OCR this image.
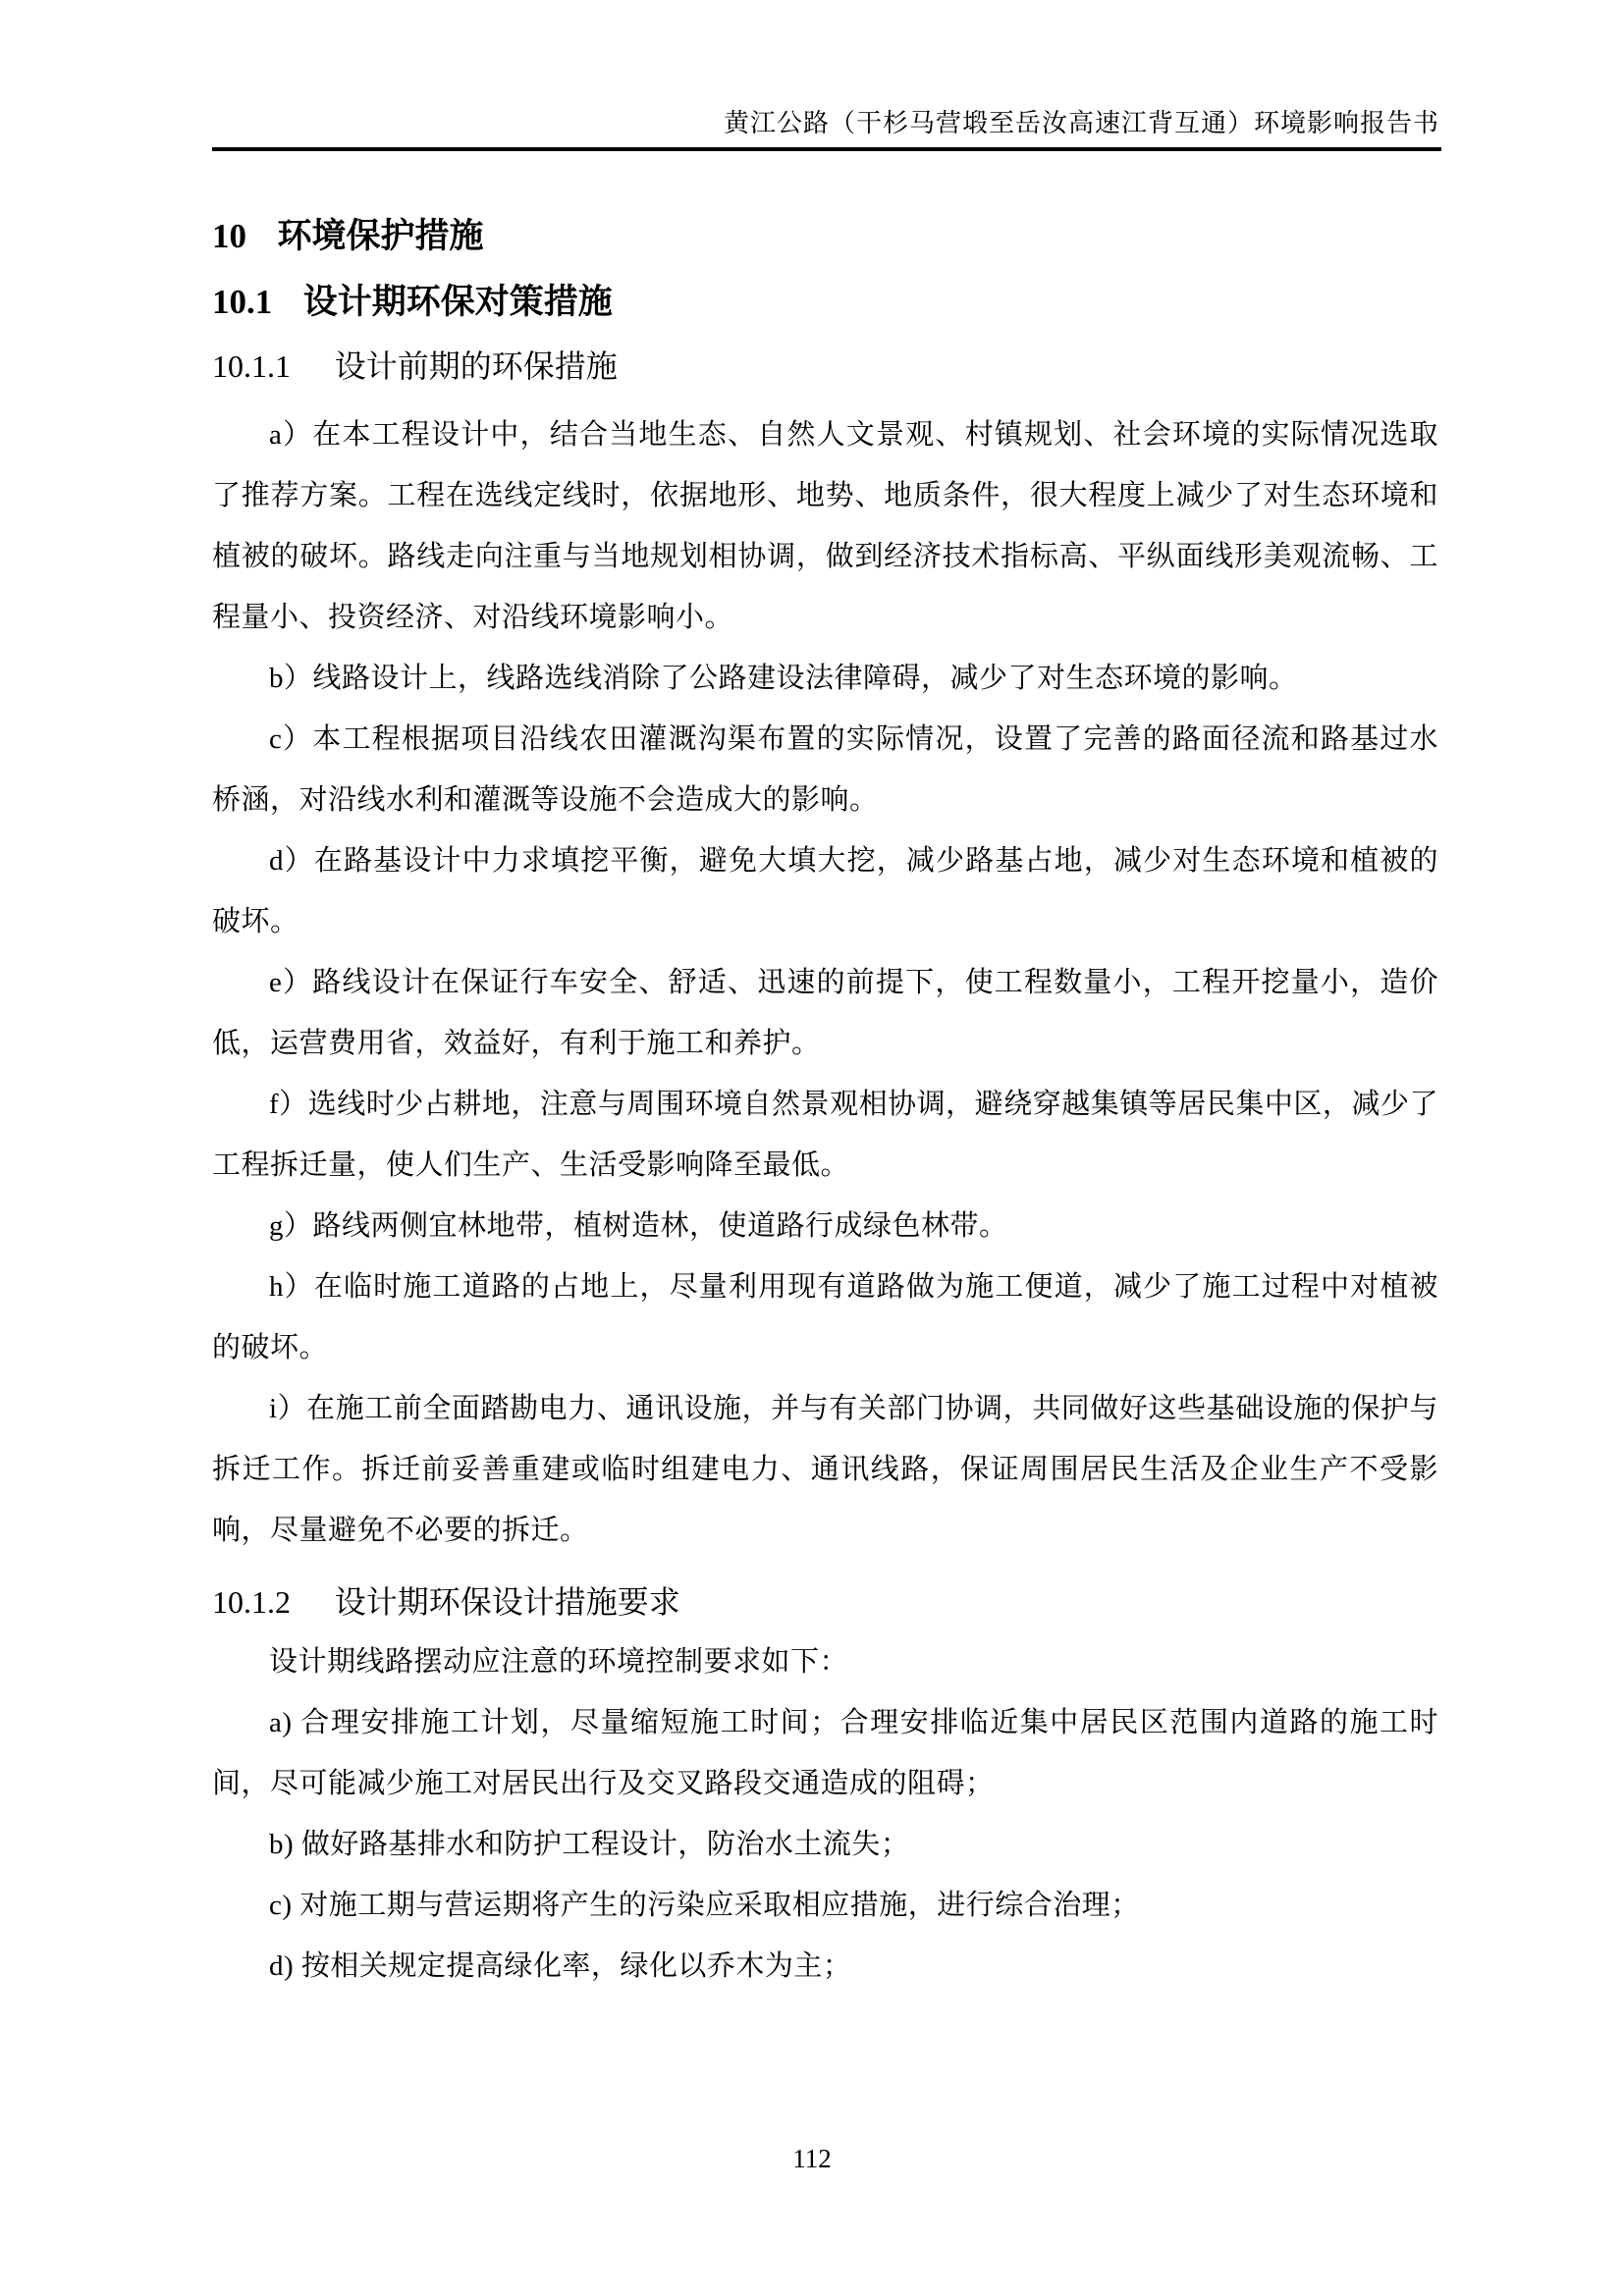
黄江公路（干杉马营塅至岳汝高速江背互通）环境影响报告书
10 环境保护措施
10.1 设计期环保对策措施
10.1.1 设计前期的环保措施

a）在本工程设计中，结合当地生态、自然人文景观、村镇规划、社会环境的实际情况选取了推荐方案。工程在选线定线时，依据地形、地势、地质条件，很大程度上减少了对生态环境和植被的破坏。路线走向注重与当地规划相协调，做到经济技术指标高、平纵面线形美观流畅、工程量小、投资经济、对沿线环境影响小。

b）线路设计上，线路选线消除了公路建设法律障碍，减少了对生态环境的影响。

c）本工程根据项目沿线农田灌溉沟渠布置的实际情况，设置了完善的路面径流和路基过水桥涵，对沿线水利和灌溉等设施不会造成大的影响。

d）在路基设计中力求填挖平衡，避免大填大挖，减少路基占地，减少对生态环境和植被的破坏。

e）路线设计在保证行车安全、舒适、迅速的前提下，使工程数量小，工程开挖量小，造价低，运营费用省，效益好，有利于施工和养护。

f）选线时少占耕地，注意与周围环境自然景观相协调，避绕穿越集镇等居民集中区，减少了工程拆迁量，使人们生产、生活受影响降至最低。

g）路线两侧宜林地带，植树造林，使道路行成绿色林带。

h）在临时施工道路的占地上，尽量利用现有道路做为施工便道，减少了施工过程中对植被的破坏。

i）在施工前全面踏勘电力、通讯设施，并与有关部门协调，共同做好这些基础设施的保护与拆迁工作。拆迁前妥善重建或临时组建电力、通讯线路，保证周围居民生活及企业生产不受影响，尽量避免不必要的拆迁。

10.1.2 设计期环保设计措施要求

设计期线路摆动应注意的环境控制要求如下：

a) 合理安排施工计划，尽量缩短施工时间；合理安排临近集中居民区范围内道路的施工时间，尽可能减少施工对居民出行及交叉路段交通造成的阻碍；

b) 做好路基排水和防护工程设计，防治水土流失；

c) 对施工期与营运期将产生的污染应采取相应措施，进行综合治理；

d) 按相关规定提高绿化率，绿化以乔木为主；

112
